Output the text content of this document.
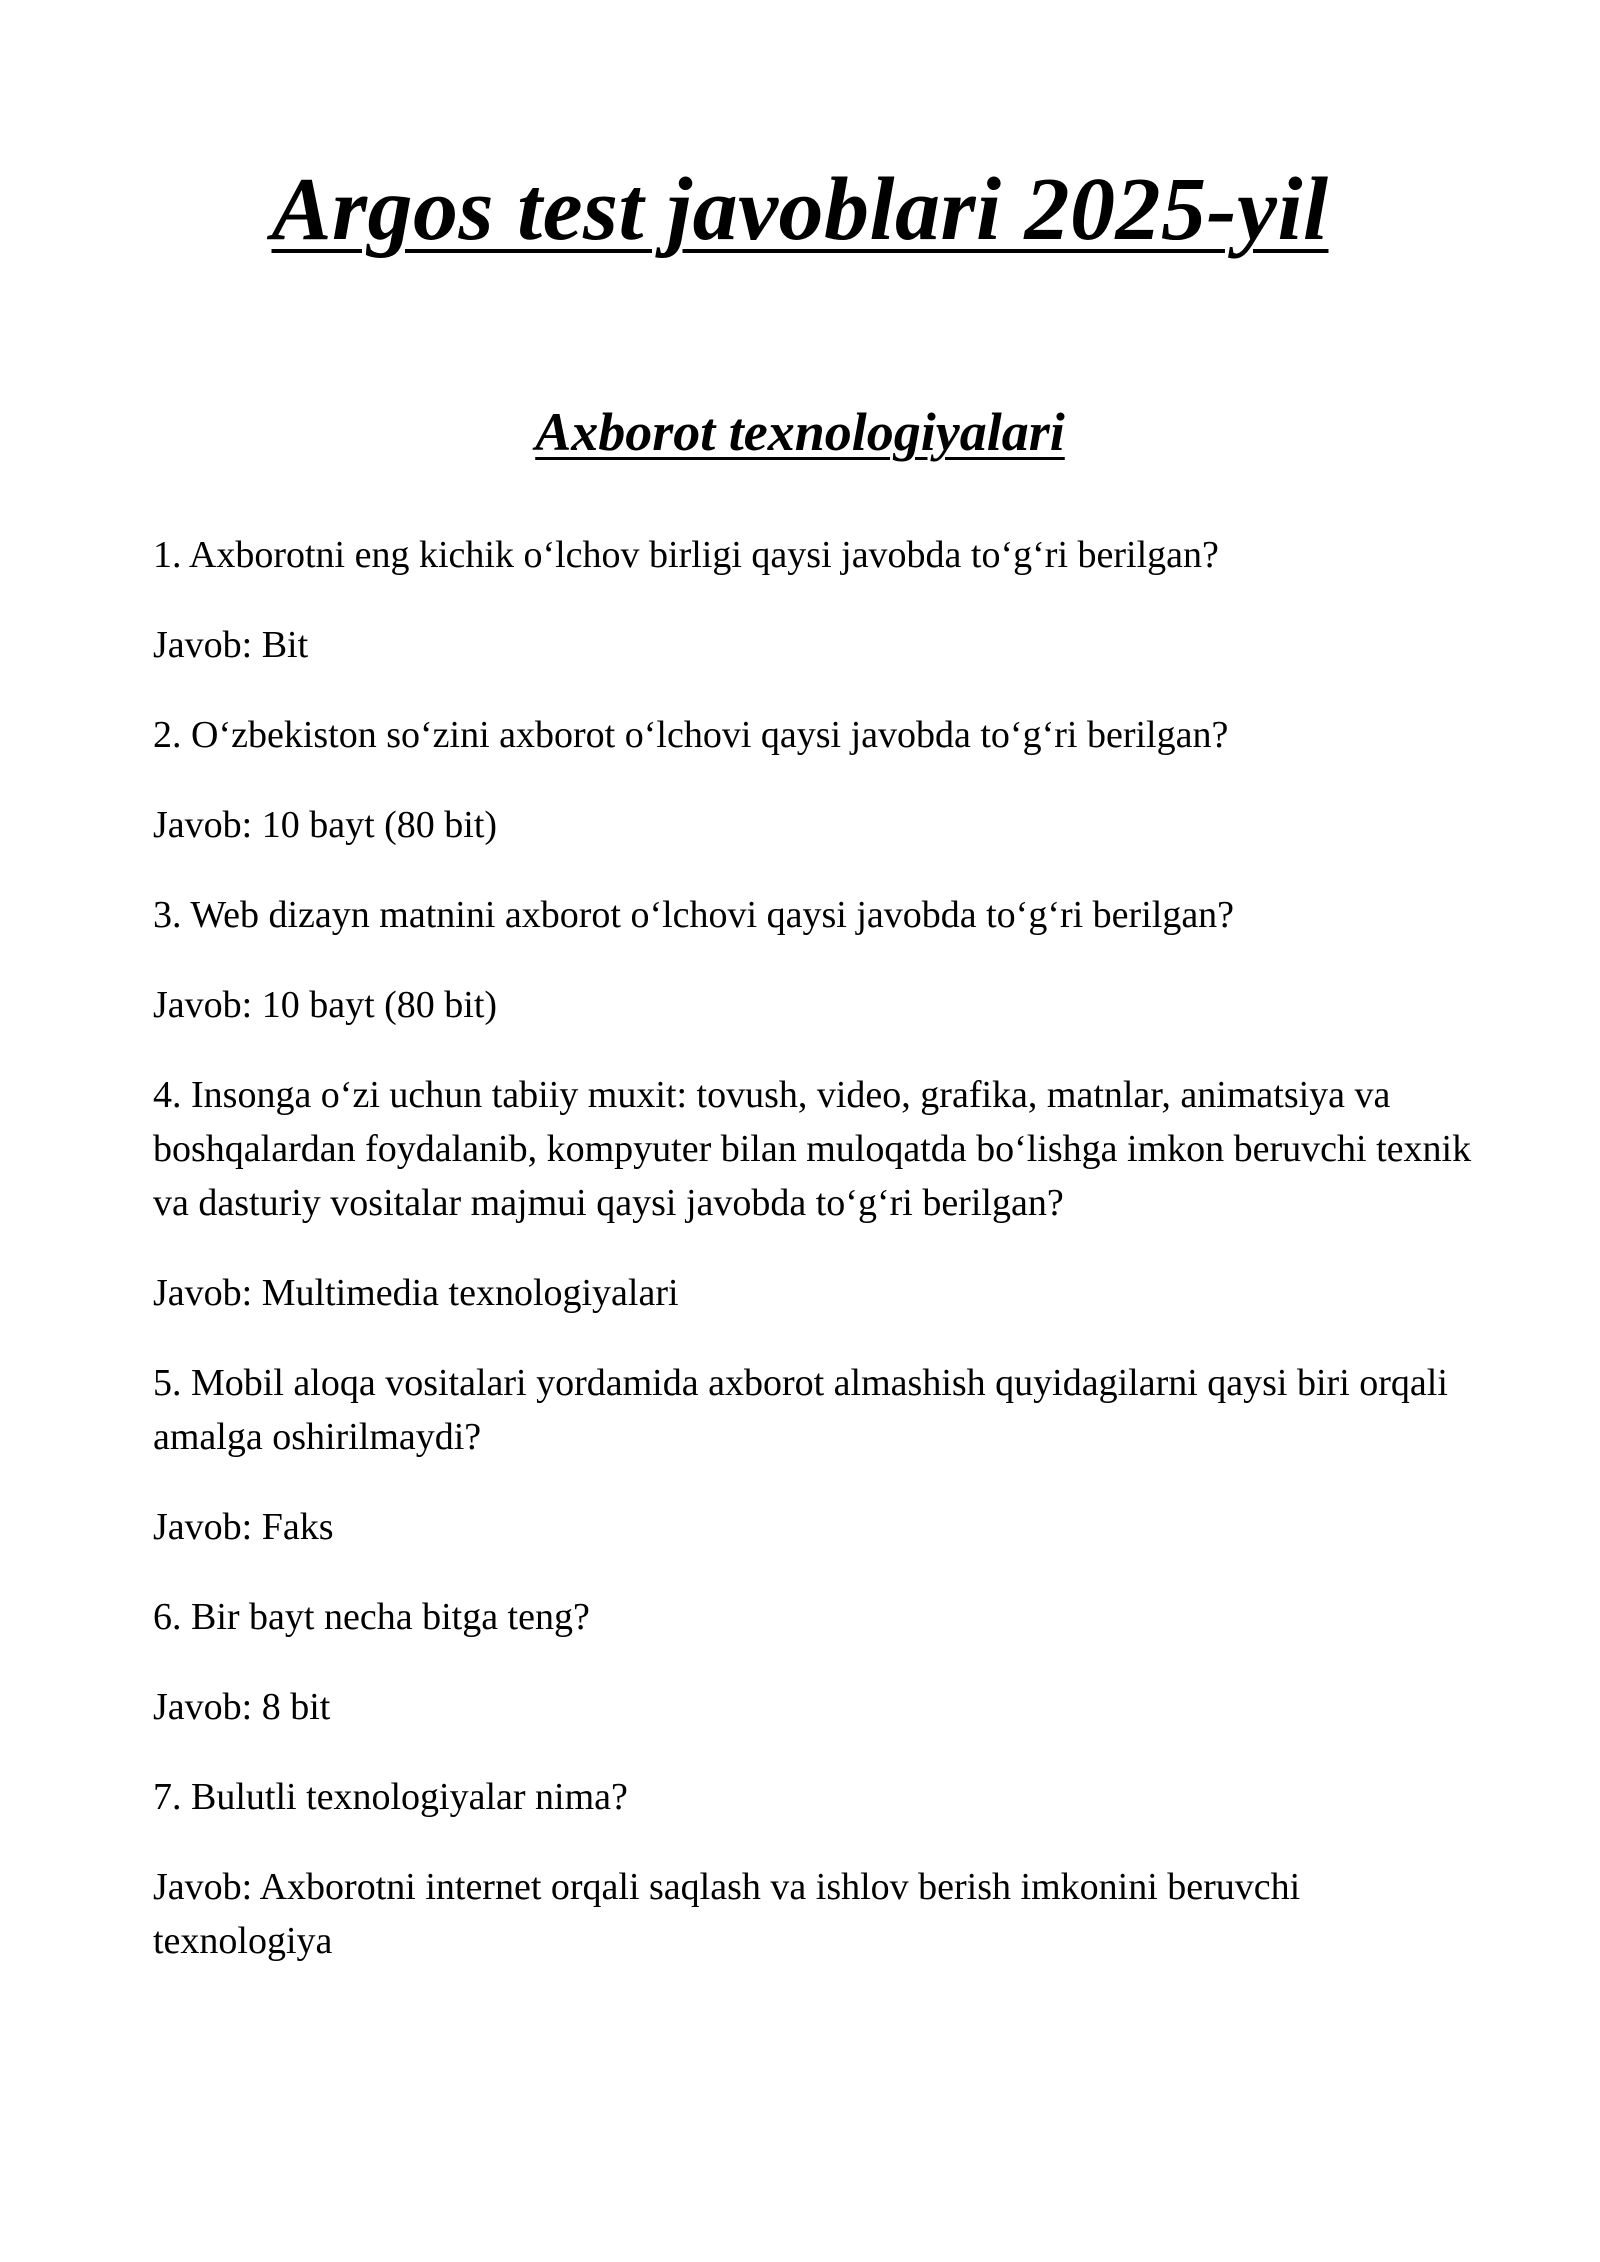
Argos test javoblari 2025-yil
Axborot texnologiyalari

1. Axborotni eng kichik o‘lchov birligi qaysi javobda to‘g‘ri berilgan?

Javob: Bit

2. O‘zbekiston so‘zini axborot o‘lchovi qaysi javobda to‘g‘ri berilgan?

Javob: 10 bayt (80 bit)

3. Web dizayn matnini axborot o‘lchovi qaysi javobda to‘g‘ri berilgan?

Javob: 10 bayt (80 bit)

4. Insonga o‘zi uchun tabiiy muxit: tovush, video, grafika, matnlar, animatsiya va boshqalardan foydalanib, kompyuter bilan muloqatda bo‘lishga imkon beruvchi texnik va dasturiy vositalar majmui qaysi javobda to‘g‘ri berilgan?

Javob: Multimedia texnologiyalari

5. Mobil aloqa vositalari yordamida axborot almashish quyidagilarni qaysi biri orqali amalga oshirilmaydi?

Javob: Faks

6. Bir bayt necha bitga teng?

Javob: 8 bit

7. Bulutli texnologiyalar nima?

Javob: Axborotni internet orqali saqlash va ishlov berish imkonini beruvchi texnologiya
